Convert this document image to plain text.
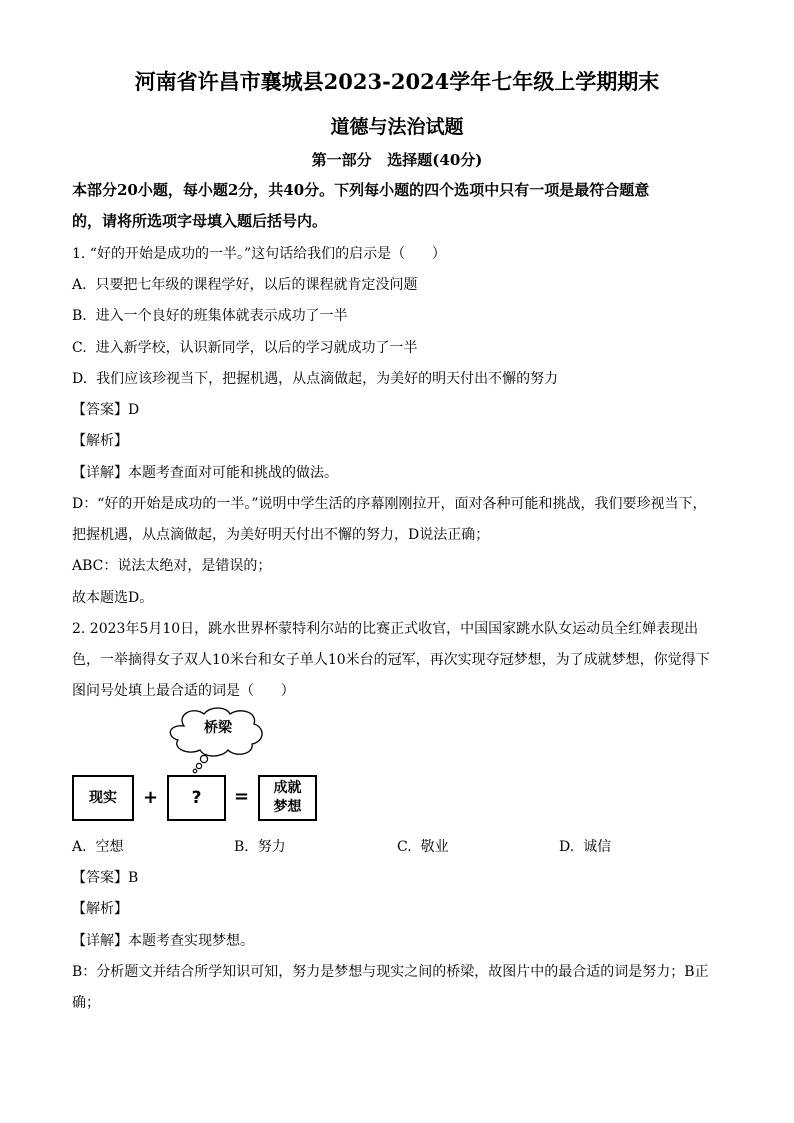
河南省许昌市襄城县2023-2024学年七年级上学期期末
道德与法治试题
第一部分   选择题(40分)
本部分20小题，每小题2分，共40分。下列每小题的四个选项中只有一项是最符合题意
的，请将所选项字母填入题后括号内。
1. “好的开始是成功的一半。”这句话给我们的启示是（      ）
A.  只要把七年级的课程学好，以后的课程就肯定没问题
B.  进入一个良好的班集体就表示成功了一半
C.  进入新学校，认识新同学，以后的学习就成功了一半
D.  我们应该珍视当下，把握机遇，从点滴做起，为美好的明天付出不懈的努力
【答案】D
【解析】
【详解】本题考查面对可能和挑战的做法。
D：“好的开始是成功的一半。”说明中学生活的序幕刚刚拉开，面对各种可能和挑战，我们要珍视当下，
把握机遇，从点滴做起，为美好明天付出不懈的努力，D说法正确；
ABC：说法太绝对，是错误的；
故本题选D。
2. 2023年5月10日，跳水世界杯蒙特利尔站的比赛正式收官，中国国家跳水队女运动员全红婵表现出
色，一举摘得女子双人10米台和女子单人10米台的冠军，再次实现夺冠梦想，为了成就梦想，你觉得下
图问号处填上最合适的词是（      ）
桥梁
现实 + ? = 成就
梦想
A.  空想	B.  努力	C.  敬业	D.  诚信
【答案】B
【解析】
【详解】本题考查实现梦想。
B：分析题文并结合所学知识可知，努力是梦想与现实之间的桥梁，故图片中的最合适的词是努力；B正
确；
